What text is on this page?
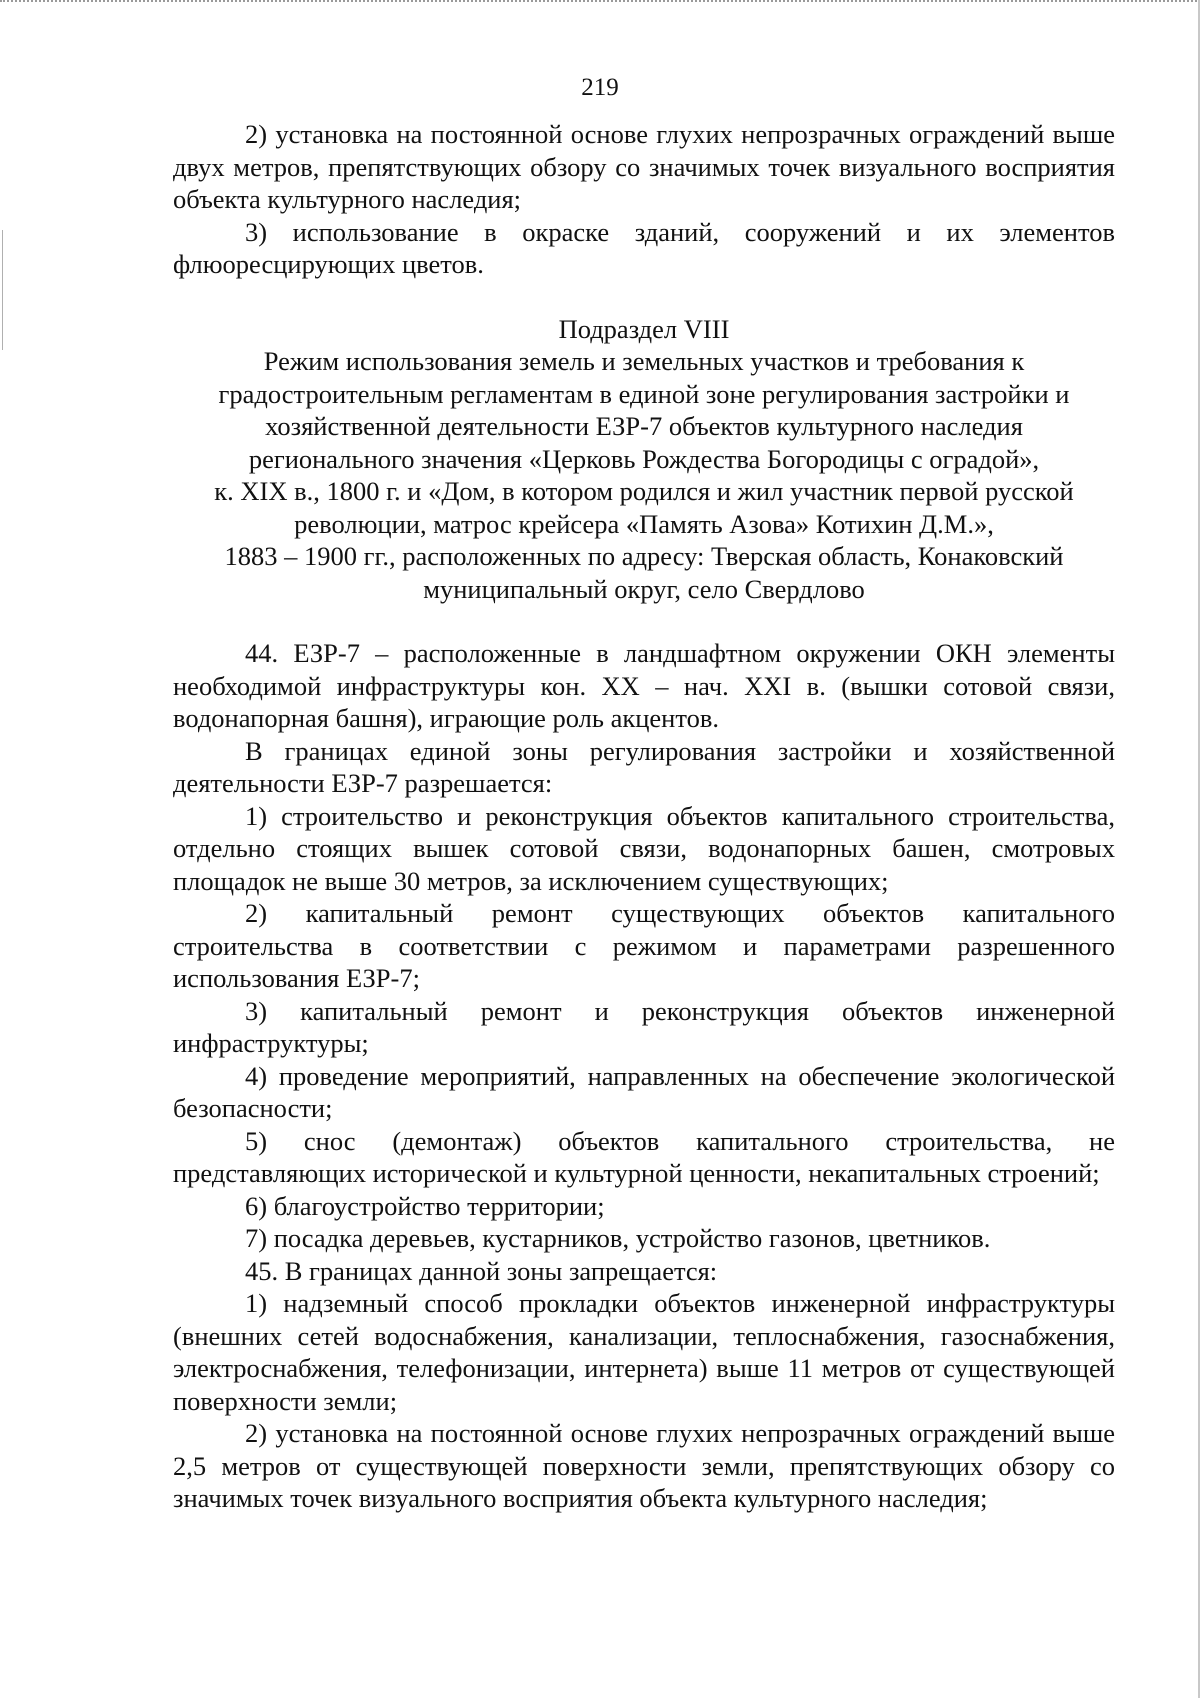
219

2) установка на постоянной основе глухих непрозрачных ограждений выше двух метров, препятствующих обзору со значимых точек визуального восприятия объекта культурного наследия;

3) использование в окраске зданий, сооружений и их элементов флюоресцирующих цветов.

Подраздел VIII

Режим использования земель и земельных участков и требования к

градостроительным регламентам в единой зоне регулирования застройки и

хозяйственной деятельности ЕЗР-7 объектов культурного наследия

регионального значения «Церковь Рождества Богородицы с оградой»,

к. XIX в., 1800 г. и «Дом, в котором родился и жил участник первой русской

революции, матрос крейсера «Память Азова» Котихин Д.М.»,

1883 – 1900 гг., расположенных по адресу: Тверская область, Конаковский

муниципальный округ, село Свердлово

44. ЕЗР-7 – расположенные в ландшафтном окружении ОКН элементы необходимой инфраструктуры кон. XX – нач. XXI в. (вышки сотовой связи, водонапорная башня), играющие роль акцентов.

В границах единой зоны регулирования застройки и хозяйственной деятельности ЕЗР-7 разрешается:

1) строительство и реконструкция объектов капитального строительства, отдельно стоящих вышек сотовой связи, водонапорных башен, смотровых площадок не выше 30 метров, за исключением существующих;

2) капитальный ремонт существующих объектов капитального строительства в соответствии с режимом и параметрами разрешенного использования ЕЗР-7;

3) капитальный ремонт и реконструкция объектов инженерной инфраструктуры;

4) проведение мероприятий, направленных на обеспечение экологической безопасности;

5) снос (демонтаж) объектов капитального строительства, не представляющих исторической и культурной ценности, некапитальных строений;

6) благоустройство территории;

7) посадка деревьев, кустарников, устройство газонов, цветников.

45. В границах данной зоны запрещается:

1) надземный способ прокладки объектов инженерной инфраструктуры (внешних сетей водоснабжения, канализации, теплоснабжения, газоснабжения, электроснабжения, телефонизации, интернета) выше 11 метров от существующей поверхности земли;

2) установка на постоянной основе глухих непрозрачных ограждений выше 2,5 метров от существующей поверхности земли, препятствующих обзору со значимых точек визуального восприятия объекта культурного наследия;
